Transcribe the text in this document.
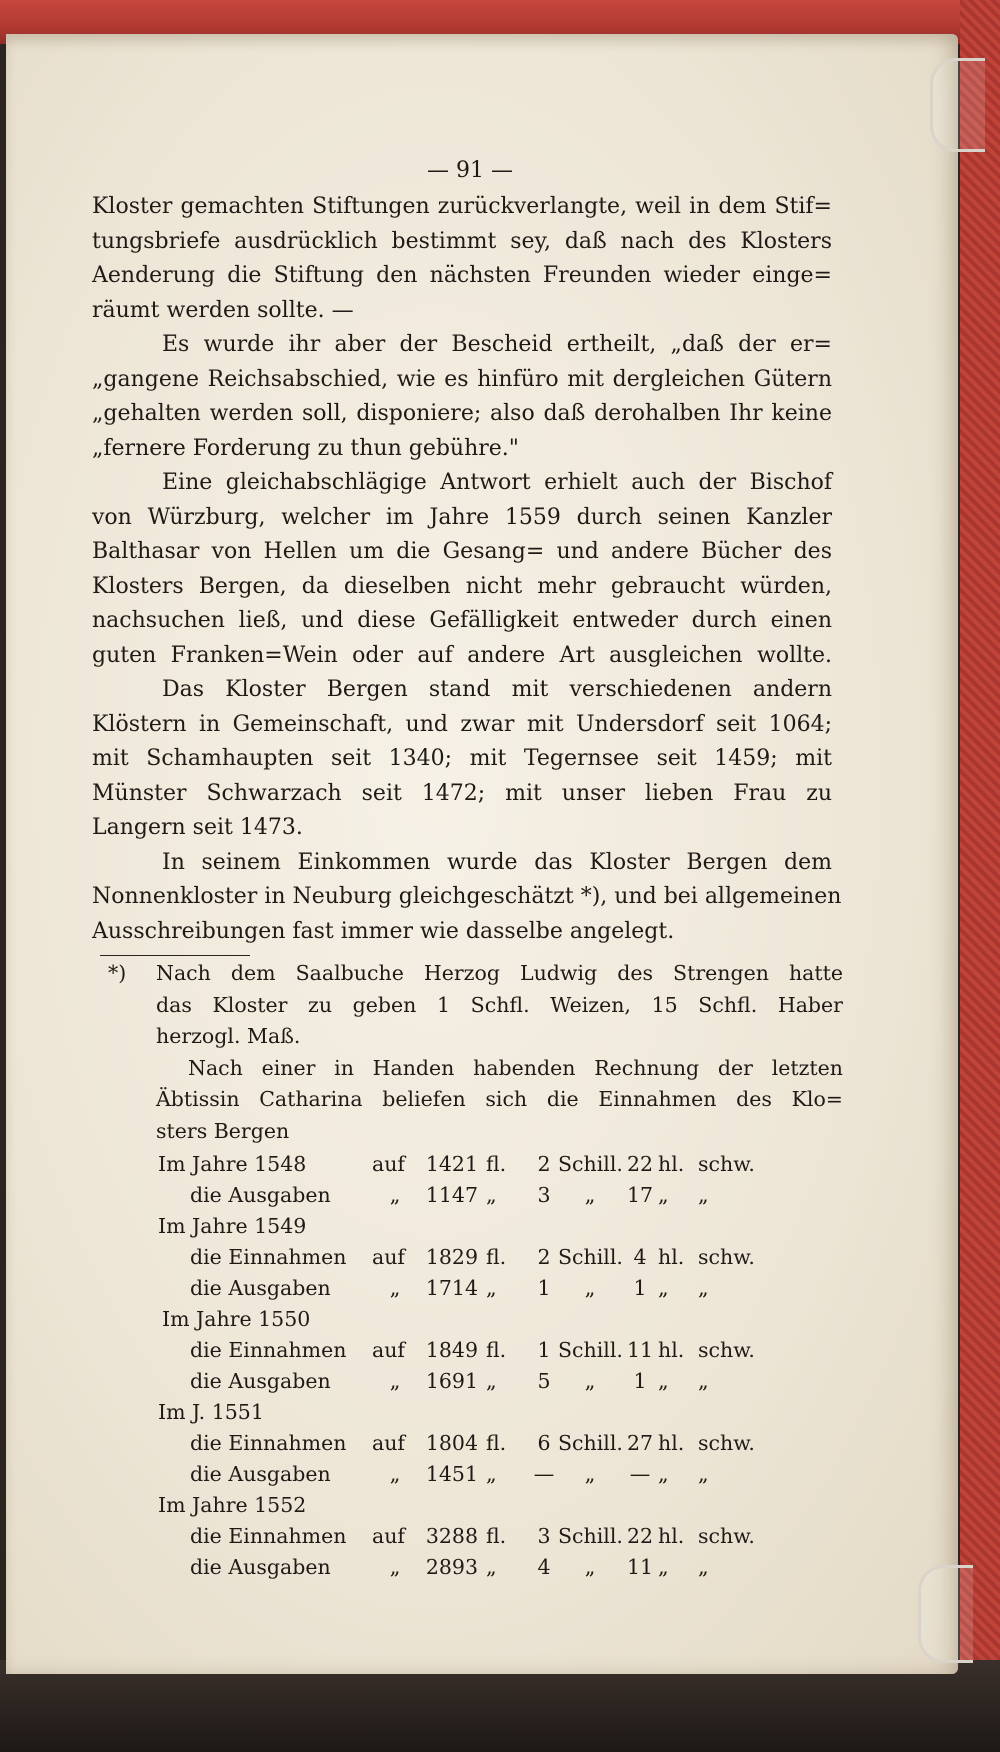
— 91 —
Kloster gemachten Stiftungen zurückverlangte, weil in dem Stif=
tungsbriefe ausdrücklich bestimmt sey, daß nach des Klosters
Aenderung die Stiftung den nächsten Freunden wieder einge=
räumt werden sollte. —
Es wurde ihr aber der Bescheid ertheilt, „daß der er=
„gangene Reichsabschied, wie es hinfüro mit dergleichen Gütern
„gehalten werden soll, disponiere; also daß derohalben Ihr keine
„fernere Forderung zu thun gebühre."
Eine gleichabschlägige Antwort erhielt auch der Bischof
von Würzburg, welcher im Jahre 1559 durch seinen Kanzler
Balthasar von Hellen um die Gesang= und andere Bücher des
Klosters Bergen, da dieselben nicht mehr gebraucht würden,
nachsuchen ließ, und diese Gefälligkeit entweder durch einen
guten Franken=Wein oder auf andere Art ausgleichen wollte.
Das Kloster Bergen stand mit verschiedenen andern
Klöstern in Gemeinschaft, und zwar mit Undersdorf seit 1064;
mit Schamhaupten seit 1340; mit Tegernsee seit 1459; mit
Münster Schwarzach seit 1472; mit unser lieben Frau zu
Langern seit 1473.
In seinem Einkommen wurde das Kloster Bergen dem
Nonnenkloster in Neuburg gleichgeschätzt *), und bei allgemeinen
Ausschreibungen fast immer wie dasselbe angelegt.
*)	Nach dem Saalbuche Herzog Ludwig des Strengen hatte
das Kloster zu geben 1 Schfl. Weizen, 15 Schfl. Haber
herzogl. Maß.
Nach einer in Handen habenden Rechnung der letzten
Äbtissin Catharina beliefen sich die Einnahmen des Klo=
sters Bergen
Im Jahre 1548	auf	1421 fl.	2 Schill. 22 hl. schw.
die Ausgaben	„	1147 „	3	„	17 „	„
Im Jahre 1549
die Einnahmen	auf	1829 fl.	2 Schill. 4 hl. schw.
die Ausgaben	„	1714 „	1	„	1 „	„
Im Jahre 1550
die Einnahmen	auf	1849 fl.	1 Schill. 11 hl. schw.
die Ausgaben	„	1691 „	5	„	1 „	„
Im J. 1551
die Einnahmen	auf	1804 fl.	6 Schill. 27 hl. schw.
die Ausgaben	„	1451 „	—	„	— „	„
Im Jahre 1552
die Einnahmen	auf	3288 fl.	3 Schill. 22 hl. schw.
die Ausgaben	„	2893 „	4	„	11 „	„
